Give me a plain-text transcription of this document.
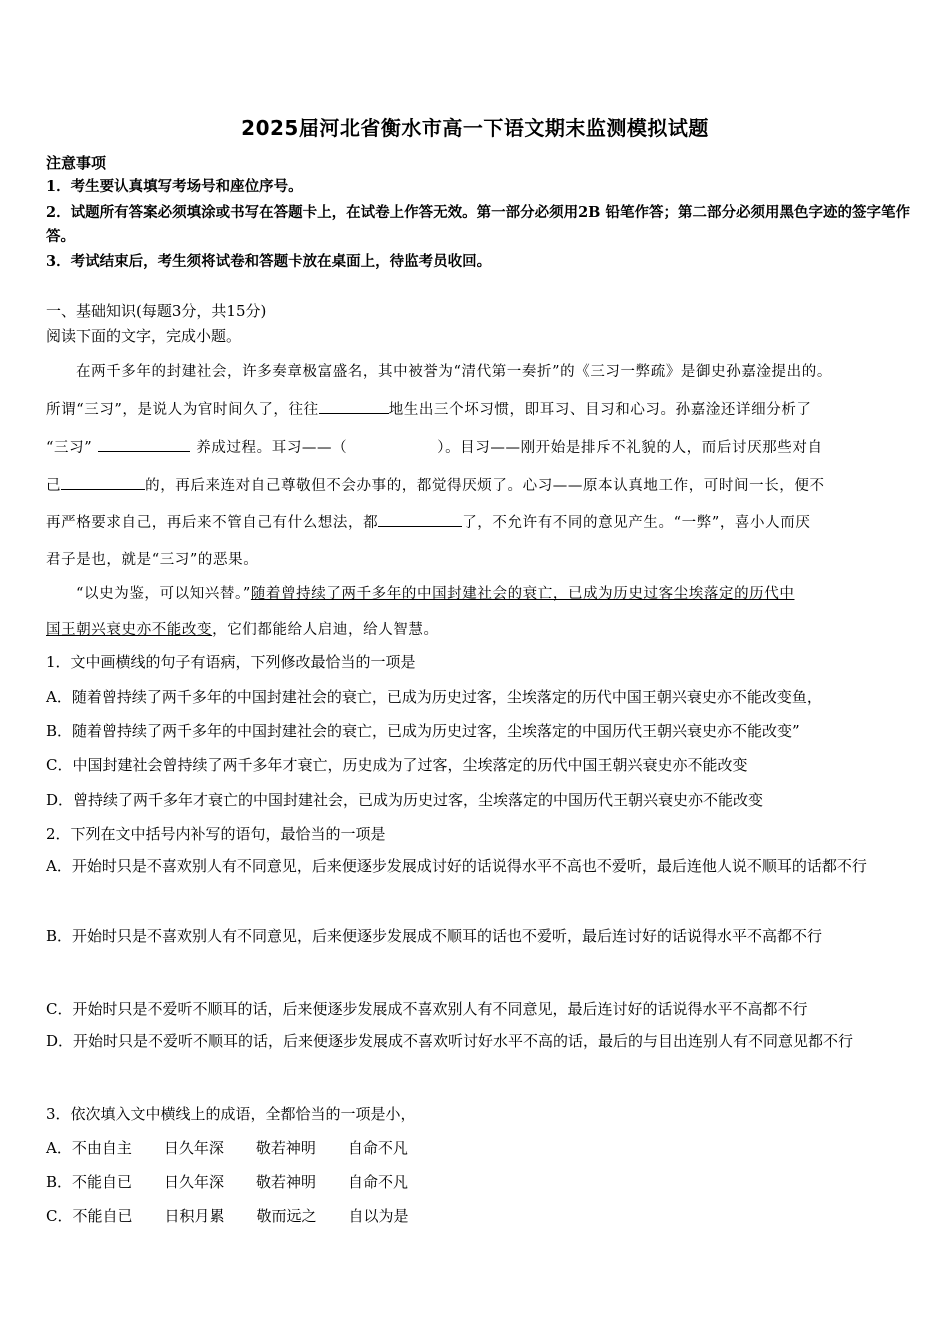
2025届河北省衡水市高一下语文期末监测模拟试题
注意事项
1．考生要认真填写考场号和座位序号。
2．试题所有答案必须填涂或书写在答题卡上，在试卷上作答无效。第一部分必须用2B 铅笔作答；第二部分必须用黑色字迹的签字笔作答。
3．考试结束后，考生须将试卷和答题卡放在桌面上，待监考员收回。
一、基础知识(每题3分，共15分)
阅读下面的文字，完成小题。
在两千多年的封建社会，许多奏章极富盛名，其中被誉为“清代第一奏折”的《三习一弊疏》是御史孙嘉淦提出的。
所谓“三习”，是说人为官时间久了，往往	地生出三个坏习惯，即耳习、目习和心习。孙嘉淦还详细分析了
“三习”	养成过程。耳习——（	）。目习——刚开始是排斥不礼貌的人，而后讨厌那些对自
己	的，再后来连对自己尊敬但不会办事的，都觉得厌烦了。心习——原本认真地工作，可时间一长，便不
再严格要求自己，再后来不管自己有什么想法，都	了，不允许有不同的意见产生。“一弊”，喜小人而厌
君子是也，就是“三习”的恶果。
“以史为鉴，可以知兴替。”随着曾持续了两千多年的中国封建社会的衰亡，已成为历史过客尘埃落定的历代中
国王朝兴衰史亦不能改变，它们都能给人启迪，给人智慧。
1．文中画横线的句子有语病，下列修改最恰当的一项是
A．随着曾持续了两千多年的中国封建社会的衰亡，已成为历史过客，尘埃落定的历代中国王朝兴衰史亦不能改变鱼，
B．随着曾持续了两千多年的中国封建社会的衰亡，已成为历史过客，尘埃落定的中国历代王朝兴衰史亦不能改变”
C．中国封建社会曾持续了两千多年才衰亡，历史成为了过客，尘埃落定的历代中国王朝兴衰史亦不能改变
D．曾持续了两千多年才衰亡的中国封建社会，已成为历史过客，尘埃落定的中国历代王朝兴衰史亦不能改变
2．下列在文中括号内补写的语句，最恰当的一项是
A．开始时只是不喜欢别人有不同意见，后来便逐步发展成讨好的话说得水平不高也不爱听，最后连他人说不顺耳的话都不行
B．开始时只是不喜欢别人有不同意见，后来便逐步发展成不顺耳的话也不爱听，最后连讨好的话说得水平不高都不行
C．开始时只是不爱听不顺耳的话，后来便逐步发展成不喜欢别人有不同意见，最后连讨好的话说得水平不高都不行
D．开始时只是不爱听不顺耳的话，后来便逐步发展成不喜欢听讨好水平不高的话，最后的与目出连别人有不同意见都不行
3．依次填入文中横线上的成语，全都恰当的一项是小，
A．不由自主 日久年深 敬若神明 自命不凡
B．不能自已 日久年深 敬若神明 自命不凡
C．不能自已 日积月累 敬而远之 自以为是
